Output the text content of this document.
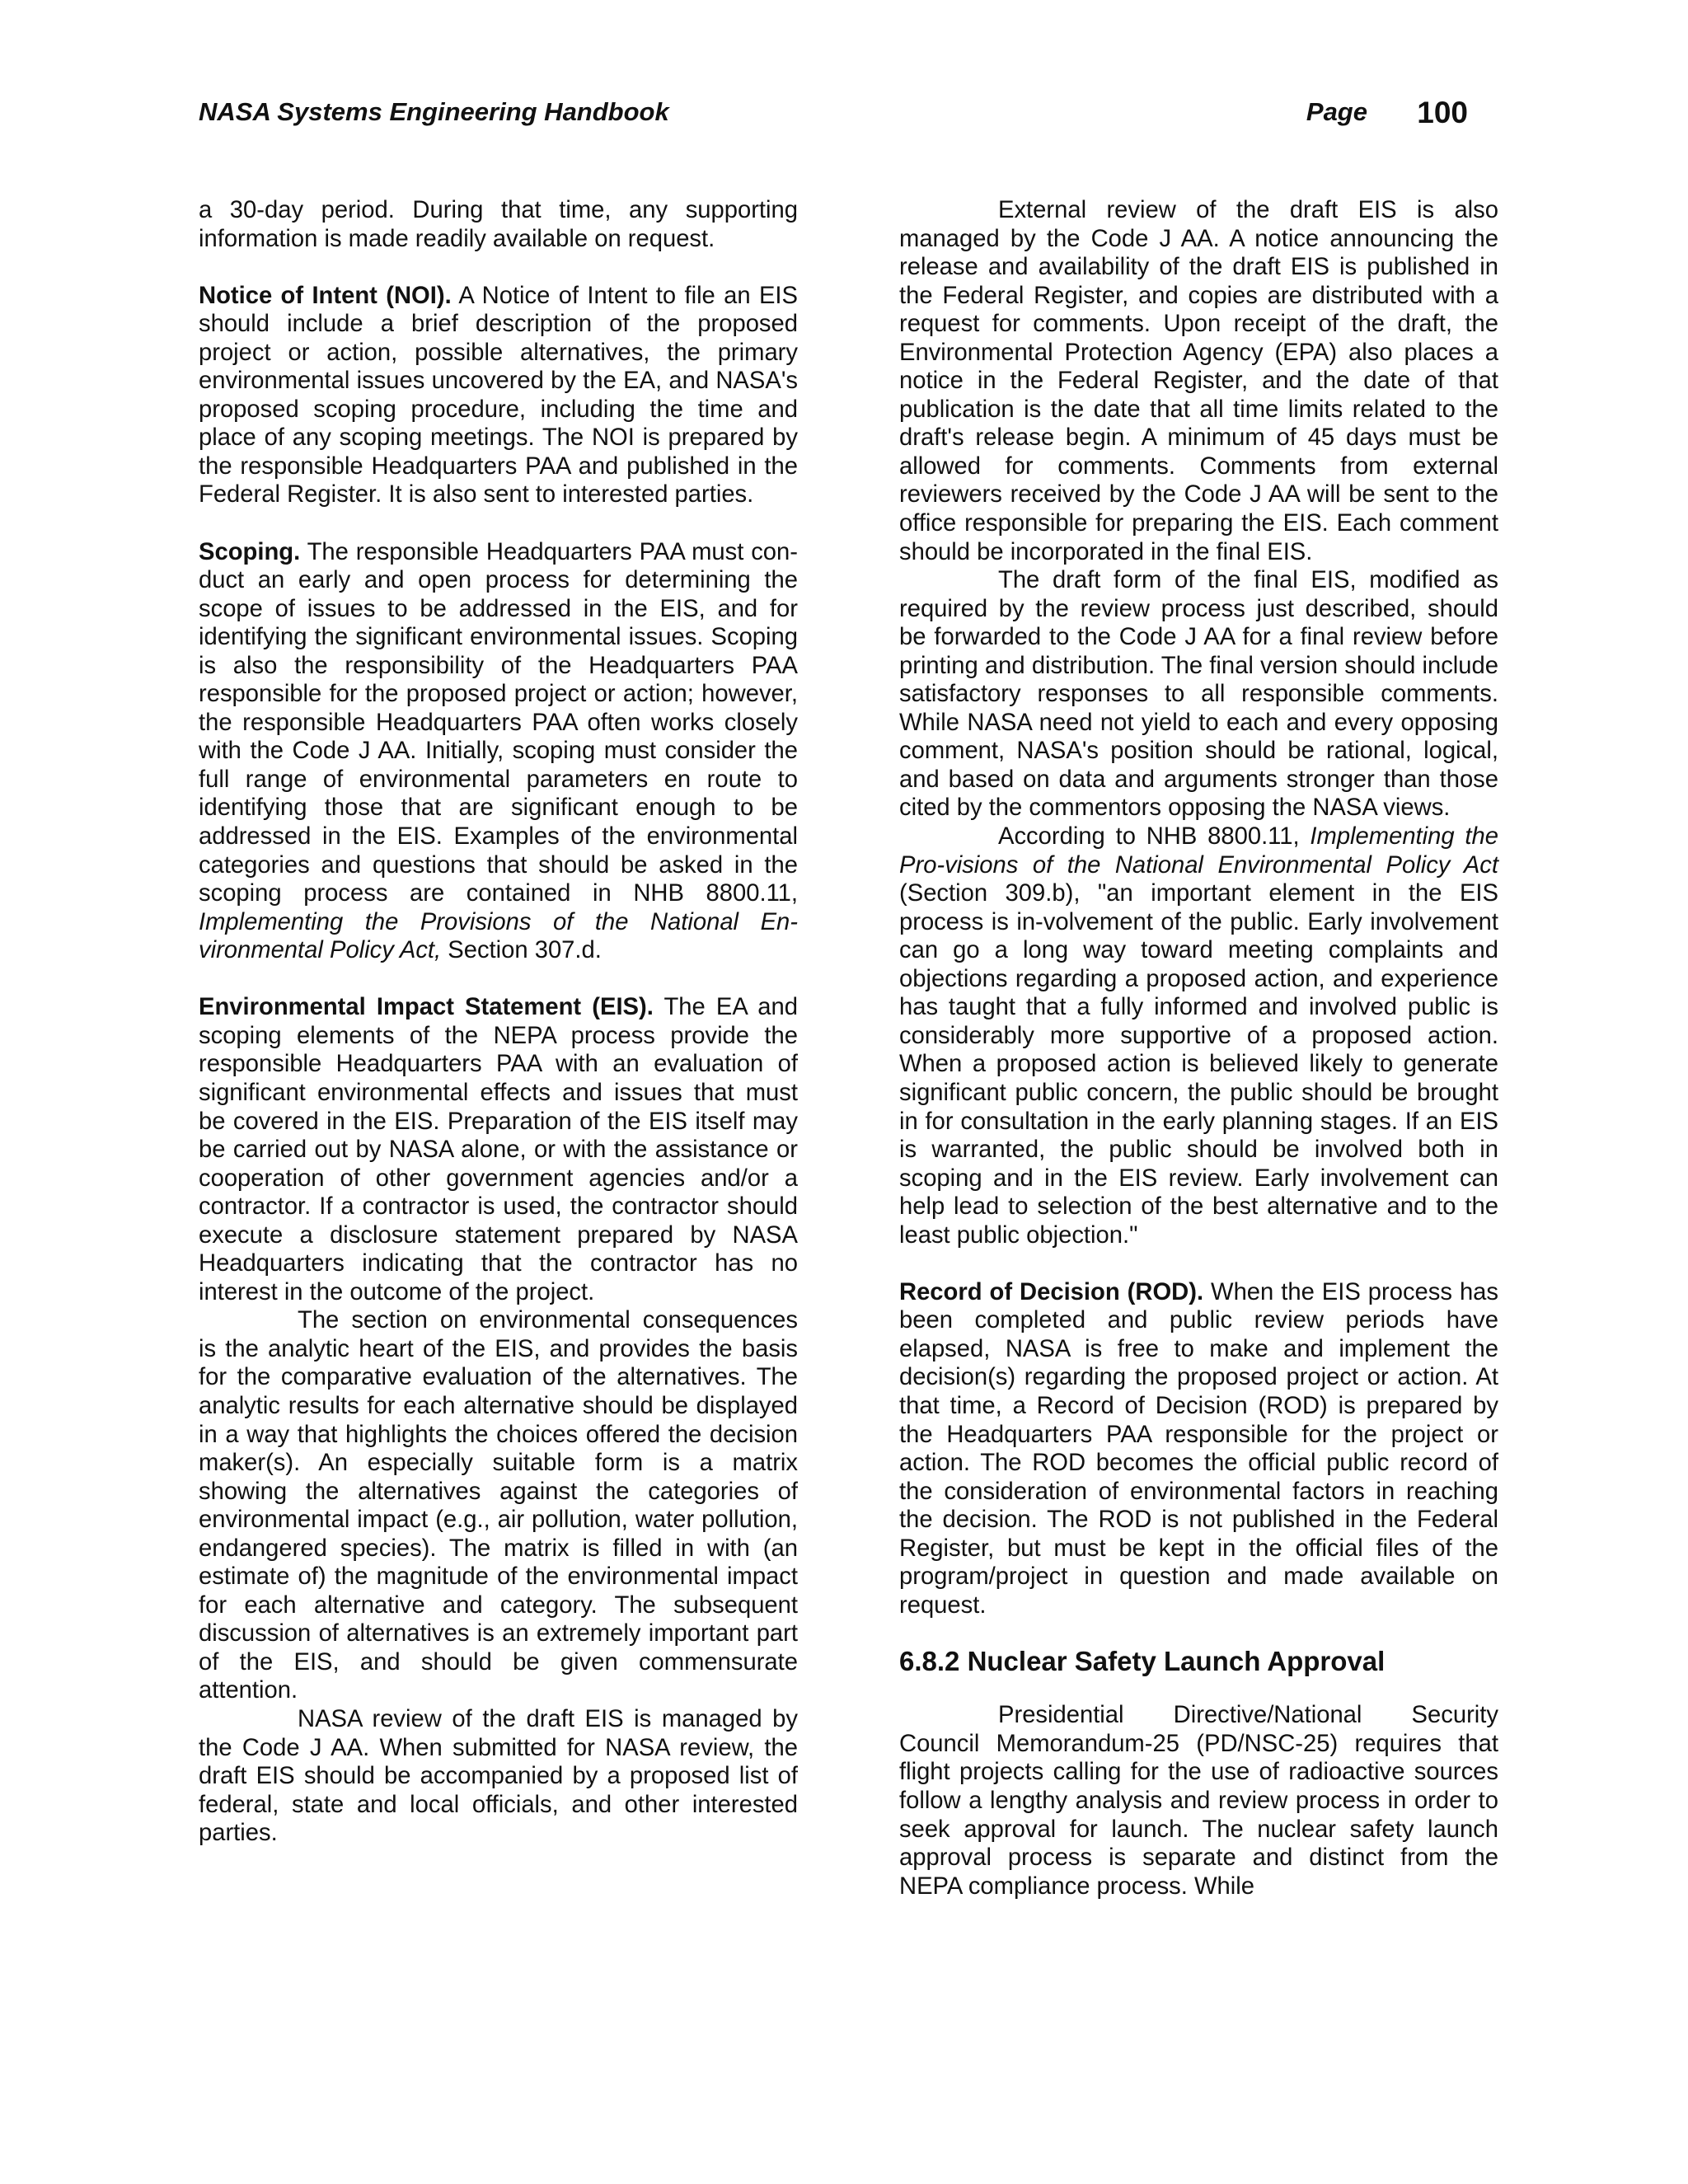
NASA Systems Engineering Handbook	Page 100

a 30-day period. During that time, any supporting information is made readily available on request.

Notice of Intent (NOI). A Notice of Intent to file an EIS should include a brief description of the proposed project or action, possible alternatives, the primary environmental issues uncovered by the EA, and NASA's proposed scoping procedure, including the time and place of any scoping meetings. The NOI is prepared by the responsible Headquarters PAA and published in the Federal Register. It is also sent to interested parties.

Scoping. The responsible Headquarters PAA must con-duct an early and open process for determining the scope of issues to be addressed in the EIS, and for identifying the significant environmental issues. Scoping is also the responsibility of the Headquarters PAA responsible for the proposed project or action; however, the responsible Headquarters PAA often works closely with the Code J AA. Initially, scoping must consider the full range of environmental parameters en route to identifying those that are significant enough to be addressed in the EIS. Examples of the environmental categories and questions that should be asked in the scoping process are contained in NHB 8800.11, Implementing the Provisions of the National En-vironmental Policy Act, Section 307.d.

Environmental Impact Statement (EIS). The EA and scoping elements of the NEPA process provide the responsible Headquarters PAA with an evaluation of significant environmental effects and issues that must be covered in the EIS. Preparation of the EIS itself may be carried out by NASA alone, or with the assistance or cooperation of other government agencies and/or a contractor. If a contractor is used, the contractor should execute a disclosure statement prepared by NASA Headquarters indicating that the contractor has no interest in the outcome of the project.

The section on environmental consequences is the analytic heart of the EIS, and provides the basis for the comparative evaluation of the alternatives. The analytic results for each alternative should be displayed in a way that highlights the choices offered the decision maker(s). An especially suitable form is a matrix showing the alternatives against the categories of environmental impact (e.g., air pollution, water pollution, endangered species). The matrix is filled in with (an estimate of) the magnitude of the environmental impact for each alternative and category. The subsequent discussion of alternatives is an extremely important part of the EIS, and should be given commensurate attention.

NASA review of the draft EIS is managed by the Code J AA. When submitted for NASA review, the draft EIS should be accompanied by a proposed list of federal, state and local officials, and other interested parties.

External review of the draft EIS is also managed by the Code J AA. A notice announcing the release and availability of the draft EIS is published in the Federal Register, and copies are distributed with a request for comments. Upon receipt of the draft, the Environmental Protection Agency (EPA) also places a notice in the Federal Register, and the date of that publication is the date that all time limits related to the draft's release begin. A minimum of 45 days must be allowed for comments. Comments from external reviewers received by the Code J AA will be sent to the office responsible for preparing the EIS. Each comment should be incorporated in the final EIS.

The draft form of the final EIS, modified as required by the review process just described, should be forwarded to the Code J AA for a final review before printing and distribution. The final version should include satisfactory responses to all responsible comments. While NASA need not yield to each and every opposing comment, NASA's position should be rational, logical, and based on data and arguments stronger than those cited by the commentors opposing the NASA views.

According to NHB 8800.11, Implementing the Pro-visions of the National Environmental Policy Act (Section 309.b), "an important element in the EIS process is in-volvement of the public. Early involvement can go a long way toward meeting complaints and objections regarding a proposed action, and experience has taught that a fully informed and involved public is considerably more supportive of a proposed action. When a proposed action is believed likely to generate significant public concern, the public should be brought in for consultation in the early planning stages. If an EIS is warranted, the public should be involved both in scoping and in the EIS review. Early involvement can help lead to selection of the best alternative and to the least public objection."

Record of Decision (ROD). When the EIS process has been completed and public review periods have elapsed, NASA is free to make and implement the decision(s) regarding the proposed project or action. At that time, a Record of Decision (ROD) is prepared by the Headquarters PAA responsible for the project or action. The ROD becomes the official public record of the consideration of environmental factors in reaching the decision. The ROD is not published in the Federal Register, but must be kept in the official files of the program/project in question and made available on request.

6.8.2 Nuclear Safety Launch Approval

Presidential Directive/National Security Council Memorandum-25 (PD/NSC-25) requires that flight projects calling for the use of radioactive sources follow a lengthy analysis and review process in order to seek approval for launch. The nuclear safety launch approval process is separate and distinct from the NEPA compliance process. While
